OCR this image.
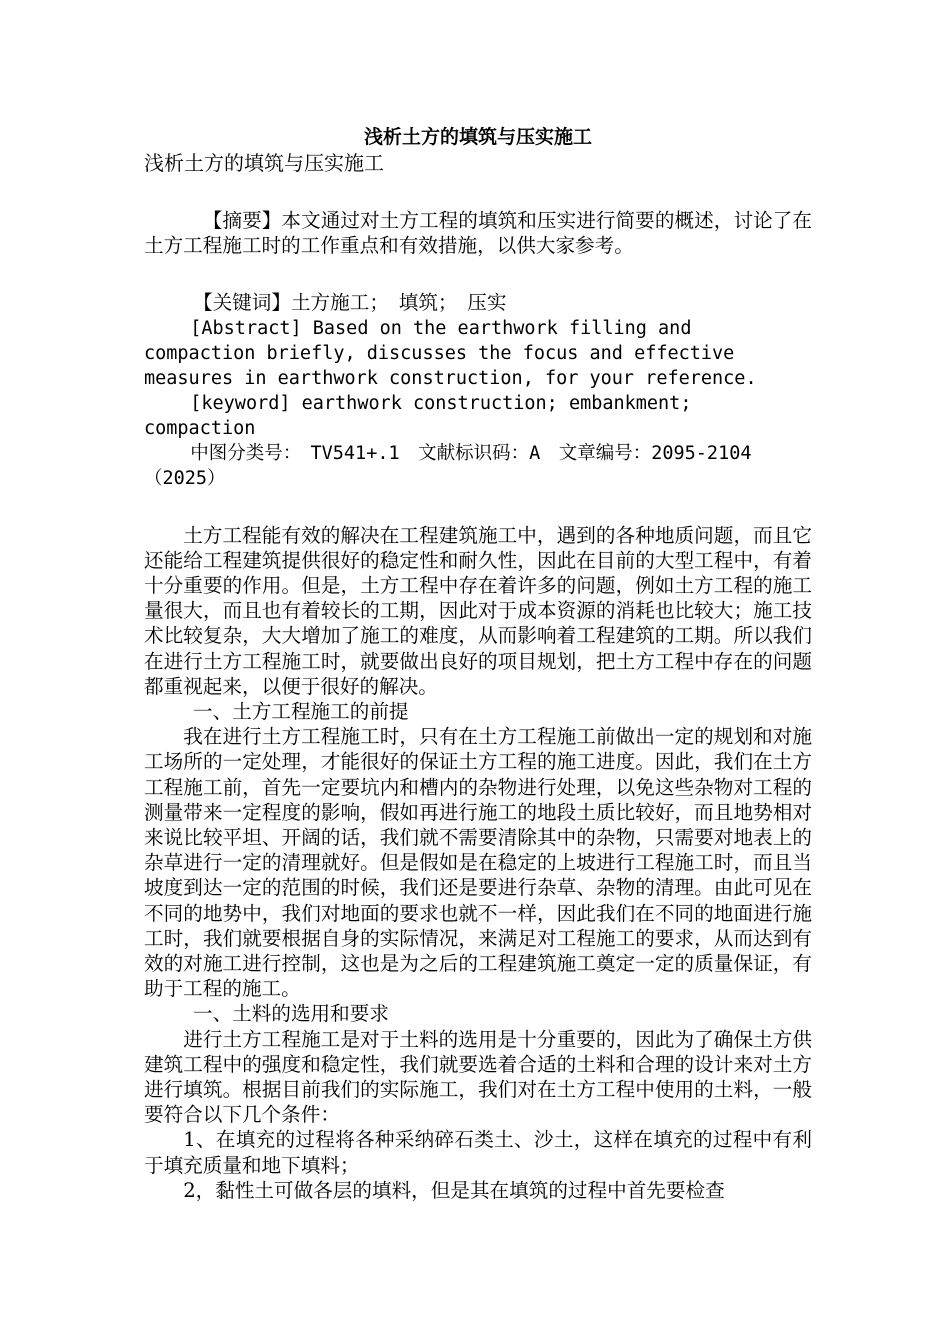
浅析土方的填筑与压实施工
浅析土方的填筑与压实施工

【摘要】本文通过对土方工程的填筑和压实进行简要的概述，讨论了在土方工程施工时的工作重点和有效措施，以供大家参考。

【关键词】土方施工；　填筑；　压实

[Abstract] Based on the earthwork filling and compaction briefly, discusses the focus and effective measures in earthwork construction, for your reference.

[keyword] earthwork construction; embankment; compaction

中图分类号：　TV541+.1　文献标识码：A　文章编号：2095-2104（2025）

土方工程能有效的解决在工程建筑施工中，遇到的各种地质问题，而且它还能给工程建筑提供很好的稳定性和耐久性，因此在目前的大型工程中，有着十分重要的作用。但是，土方工程中存在着许多的问题，例如土方工程的施工量很大，而且也有着较长的工期，因此对于成本资源的消耗也比较大；施工技术比较复杂，大大增加了施工的难度，从而影响着工程建筑的工期。所以我们在进行土方工程施工时，就要做出良好的项目规划，把土方工程中存在的问题都重视起来，以便于很好的解决。

一、土方工程施工的前提

我在进行土方工程施工时，只有在土方工程施工前做出一定的规划和对施工场所的一定处理，才能很好的保证土方工程的施工进度。因此，我们在土方工程施工前，首先一定要坑内和槽内的杂物进行处理，以免这些杂物对工程的测量带来一定程度的影响，假如再进行施工的地段土质比较好，而且地势相对来说比较平坦、开阔的话，我们就不需要清除其中的杂物，只需要对地表上的杂草进行一定的清理就好。但是假如是在稳定的上坡进行工程施工时，而且当坡度到达一定的范围的时候，我们还是要进行杂草、杂物的清理。由此可见在不同的地势中，我们对地面的要求也就不一样，因此我们在不同的地面进行施工时，我们就要根据自身的实际情况，来满足对工程施工的要求，从而达到有效的对施工进行控制，这也是为之后的工程建筑施工奠定一定的质量保证，有助于工程的施工。

一、土料的选用和要求

进行土方工程施工是对于土料的选用是十分重要的，因此为了确保土方供建筑工程中的强度和稳定性，我们就要选着合适的土料和合理的设计来对土方进行填筑。根据目前我们的实际施工，我们对在土方工程中使用的土料，一般要符合以下几个条件：

1、在填充的过程将各种采纳碎石类土、沙土，这样在填充的过程中有利于填充质量和地下填料；

2，黏性土可做各层的填料，但是其在填筑的过程中首先要检查
